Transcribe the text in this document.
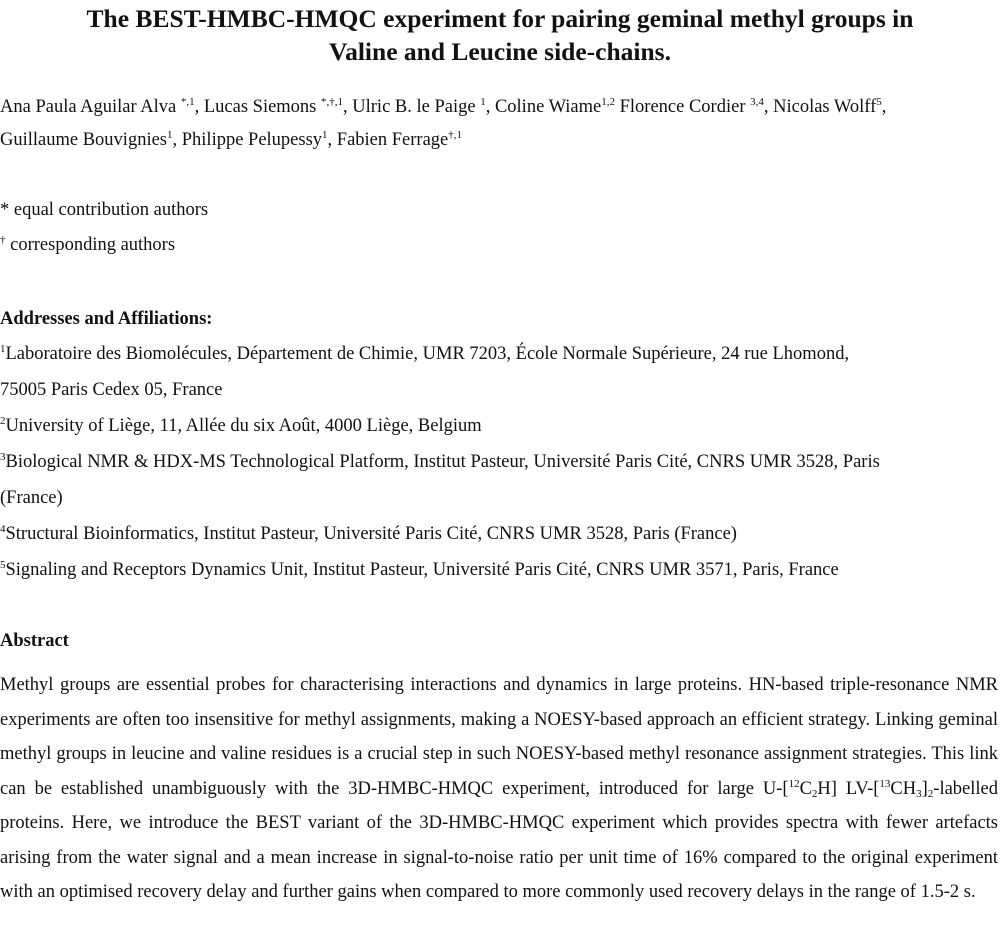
The BEST-HMBC-HMQC experiment for pairing geminal methyl groups in
Valine and Leucine side-chains.

Ana Paula Aguilar Alva $^{*,1}$, Lucas Siemons $^{*,\dagger,1}$, Ulric B. le Paige $^1$, Coline Wiame$^{1,2}$ Florence Cordier $^{3,4}$, Nicolas Wolff$^5$,
Guillaume Bouvignies$^1$, Philippe Pelupessy$^1$, Fabien Ferrage$^{\dagger,1}$

* equal contribution authors

† corresponding authors

Addresses and Affiliations:

$^1$Laboratoire des Biomolécules, Département de Chimie, UMR 7203, École Normale Supérieure, 24 rue Lhomond,
75005 Paris Cedex 05, France

$^2$University of Liège, 11, Allée du six Août, 4000 Liège, Belgium

$^3$Biological NMR & HDX-MS Technological Platform, Institut Pasteur, Université Paris Cité, CNRS UMR 3528, Paris
(France)

$^4$Structural Bioinformatics, Institut Pasteur, Université Paris Cité, CNRS UMR 3528, Paris (France)

$^5$Signaling and Receptors Dynamics Unit, Institut Pasteur, Université Paris Cité, CNRS UMR 3571, Paris, France

Abstract

Methyl groups are essential probes for characterising interactions and dynamics in large proteins. HN-based triple-resonance NMR experiments are often too insensitive for methyl assignments, making a NOESY-based approach an efficient strategy. Linking geminal methyl groups in leucine and valine residues is a crucial step in such NOESY-based methyl resonance assignment strategies. This link can be established unambiguously with the 3D-HMBC-HMQC experiment, introduced for large $U-[^{12}C_2H]$ $LV-[^{13}CH_3]_2$-labelled proteins. Here, we introduce the BEST variant of the 3D-HMBC-HMQC experiment which provides spectra with fewer artefacts arising from the water signal and a mean increase in signal-to-noise ratio per unit time of 16% compared to the original experiment with an optimised recovery delay and further gains when compared to more commonly used recovery delays in the range of 1.5-2 s.
